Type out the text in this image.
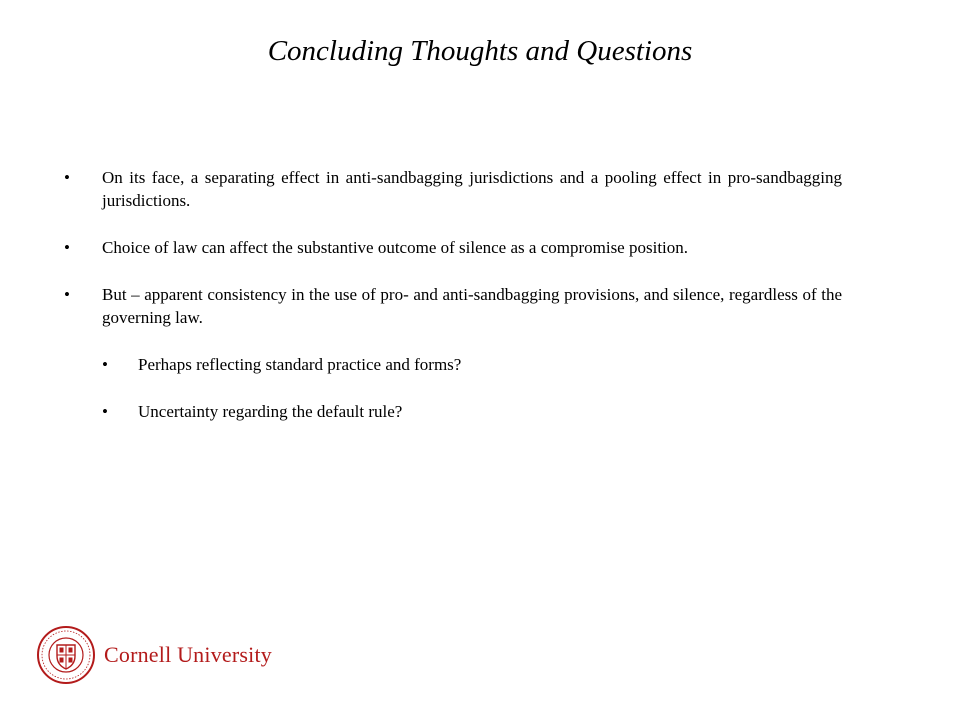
Concluding Thoughts and Questions
• On its face, a separating effect in anti-sandbagging jurisdictions and a pooling effect in pro-sandbagging jurisdictions.
• Choice of law can affect the substantive outcome of silence as a compromise position.
• But – apparent consistency in the use of pro- and anti-sandbagging provisions, and silence, regardless of the governing law.
• Perhaps reflecting standard practice and forms?
• Uncertainty regarding the default rule?
Cornell University
